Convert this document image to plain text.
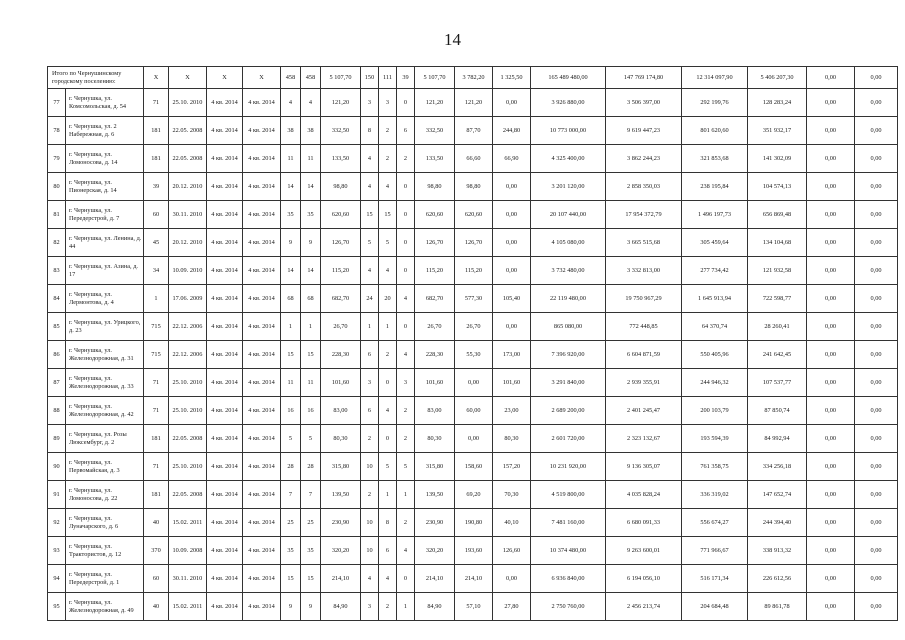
14
Итого по Чернушинскому городскому поселению:		X	X	X	X	458	458	5 107,70	150	111	39	5 107,70	3 782,20	1 325,50	165 489 480,00	147 769 174,80	12 314 097,90	5 406 207,30	0,00	0,00
77	г. Чернушка, ул. Комсомольская, д. 54	71	25.10. 2010	4 кв. 2014	4 кв. 2014	4	4	121,20	3	3	0	121,20	121,20	0,00	3 926 880,00	3 506 397,00	292 199,76	128 283,24	0,00	0,00
78	г. Чернушка, ул. 2 Набережная, д. 6	181	22.05. 2008	4 кв. 2014	4 кв. 2014	38	38	332,50	8	2	6	332,50	87,70	244,80	10 773 000,00	9 619 447,23	801 620,60	351 932,17	0,00	0,00
79	г. Чернушка, ул. Ломоносова, д. 14	181	22.05. 2008	4 кв. 2014	4 кв. 2014	11	11	133,50	4	2	2	133,50	66,60	66,90	4 325 400,00	3 862 244,23	321 853,68	141 302,09	0,00	0,00
80	г. Чернушка, ул. Пионерская, д. 14	39	20.12. 2010	4 кв. 2014	4 кв. 2014	14	14	98,80	4	4	0	98,80	98,80	0,00	3 201 120,00	2 858 350,03	238 195,84	104 574,13	0,00	0,00
81	г. Чернушка, ул. Передерстрой, д. 7	60	30.11. 2010	4 кв. 2014	4 кв. 2014	35	35	620,60	15	15	0	620,60	620,60	0,00	20 107 440,00	17 954 372,79	1 496 197,73	656 869,48	0,00	0,00
82	г. Чернушка, ул. Ленина, д. 44	45	20.12. 2010	4 кв. 2014	4 кв. 2014	9	9	126,70	5	5	0	126,70	126,70	0,00	4 105 080,00	3 665 515,68	305 459,64	134 104,68	0,00	0,00
83	г. Чернушка, ул. Азина, д. 17	34	10.09. 2010	4 кв. 2014	4 кв. 2014	14	14	115,20	4	4	0	115,20	115,20	0,00	3 732 480,00	3 332 813,00	277 734,42	121 932,58	0,00	0,00
84	г. Чернушка, ул. Лермонтова, д. 4	1	17.06. 2009	4 кв. 2014	4 кв. 2014	68	68	682,70	24	20	4	682,70	577,30	105,40	22 119 480,00	19 750 967,29	1 645 913,94	722 598,77	0,00	0,00
85	г. Чернушка, ул. Урицкого, д. 23	715	22.12. 2006	4 кв. 2014	4 кв. 2014	1	1	26,70	1	1	0	26,70	26,70	0,00	865 080,00	772 448,85	64 370,74	28 260,41	0,00	0,00
86	г. Чернушка, ул. Железнодорожная, д. 31	715	22.12. 2006	4 кв. 2014	4 кв. 2014	15	15	228,30	6	2	4	228,30	55,30	173,00	7 396 920,00	6 604 871,59	550 405,96	241 642,45	0,00	0,00
87	г. Чернушка, ул. Железнодорожная, д. 33	71	25.10. 2010	4 кв. 2014	4 кв. 2014	11	11	101,60	3	0	3	101,60	0,00	101,60	3 291 840,00	2 939 355,91	244 946,32	107 537,77	0,00	0,00
88	г. Чернушка, ул. Железнодорожная, д. 42	71	25.10. 2010	4 кв. 2014	4 кв. 2014	16	16	83,00	6	4	2	83,00	60,00	23,00	2 689 200,00	2 401 245,47	200 103,79	87 850,74	0,00	0,00
89	г. Чернушка, ул. Розы Люксембург, д. 2	181	22.05. 2008	4 кв. 2014	4 кв. 2014	5	5	80,30	2	0	2	80,30	0,00	80,30	2 601 720,00	2 323 132,67	193 594,39	84 992,94	0,00	0,00
90	г. Чернушка, ул. Первомайская, д. 3	71	25.10. 2010	4 кв. 2014	4 кв. 2014	28	28	315,80	10	5	5	315,80	158,60	157,20	10 231 920,00	9 136 305,07	761 358,75	334 256,18	0,00	0,00
91	г. Чернушка, ул. Ломоносова, д. 22	181	22.05. 2008	4 кв. 2014	4 кв. 2014	7	7	139,50	2	1	1	139,50	69,20	70,30	4 519 800,00	4 035 828,24	336 319,02	147 652,74	0,00	0,00
92	г. Чернушка, ул. Луначарского, д. 6	40	15.02. 2011	4 кв. 2014	4 кв. 2014	25	25	230,90	10	8	2	230,90	190,80	40,10	7 481 160,00	6 680 091,33	556 674,27	244 394,40	0,00	0,00
93	г. Чернушка, ул. Трактористов, д. 12	370	10.09. 2008	4 кв. 2014	4 кв. 2014	35	35	320,20	10	6	4	320,20	193,60	126,60	10 374 480,00	9 263 600,01	771 966,67	338 913,32	0,00	0,00
94	г. Чернушка, ул. Передерстрой, д. 1	60	30.11. 2010	4 кв. 2014	4 кв. 2014	15	15	214,10	4	4	0	214,10	214,10	0,00	6 936 840,00	6 194 056,10	516 171,34	226 612,56	0,00	0,00
95	г. Чернушка, ул. Железнодорожная, д. 49	40	15.02. 2011	4 кв. 2014	4 кв. 2014	9	9	84,90	3	2	1	84,90	57,10	27,80	2 750 760,00	2 456 213,74	204 684,48	89 861,78	0,00	0,00
